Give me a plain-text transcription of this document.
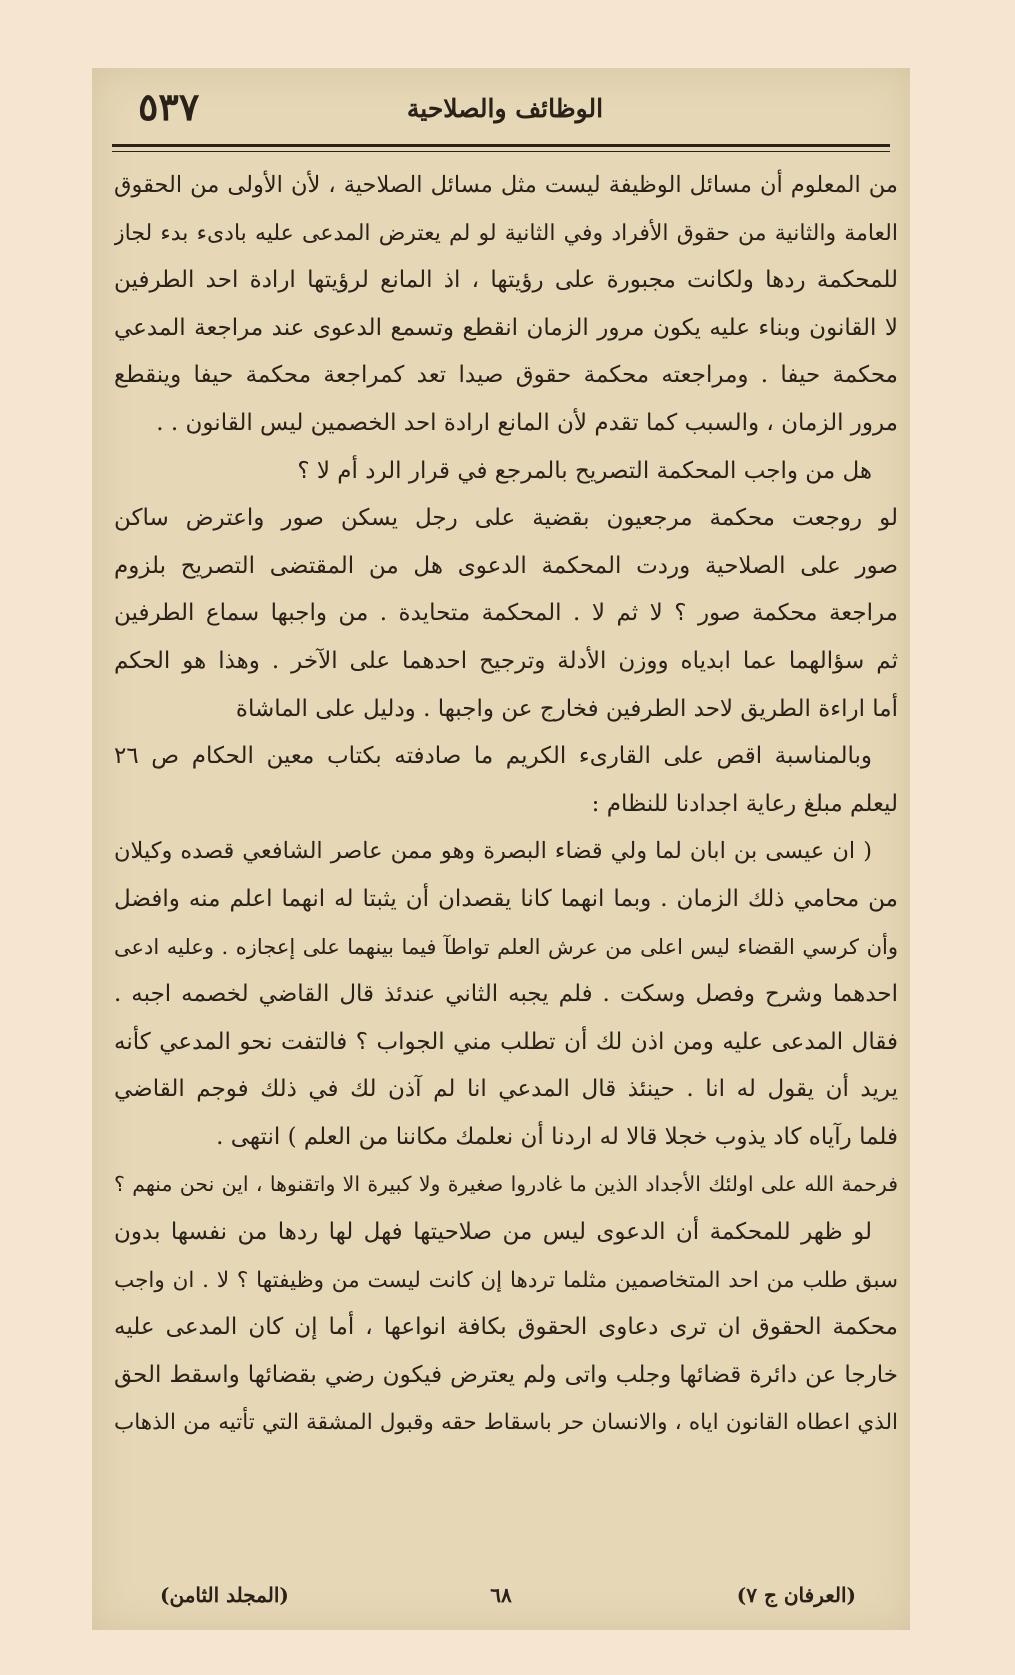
٥٣٧	الوظائف والصلاحية
من المعلوم أن مسائل الوظيفة ليست مثل مسائل الصلاحية ، لأن الأولى من الحقوق
العامة والثانية من حقوق الأفراد وفي الثانية لو لم يعترض المدعى عليه بادىء بدء لجاز
للمحكمة ردها ولكانت مجبورة على رؤيتها ، اذ المانع لرؤيتها ارادة احد الطرفين
لا القانون وبناء عليه يكون مرور الزمان انقطع وتسمع الدعوى عند مراجعة المدعي
محكمة حيفا . ومراجعته محكمة حقوق صيدا تعد كمراجعة محكمة حيفا وينقطع
مرور الزمان ، والسبب كما تقدم لأن المانع ارادة احد الخصمين ليس القانون . .
هل من واجب المحكمة التصريح بالمرجع في قرار الرد أم لا ؟
لو روجعت محكمة مرجعيون بقضية على رجل يسكن صور واعترض ساكن
صور على الصلاحية وردت المحكمة الدعوى هل من المقتضى التصريح بلزوم
مراجعة محكمة صور ؟ لا ثم لا . المحكمة متحايدة . من واجبها سماع الطرفين
ثم سؤالهما عما ابدياه ووزن الأدلة وترجيح احدهما على الآخر . وهذا هو الحكم
أما اراءة الطريق لاحد الطرفين فخارج عن واجبها . ودليل على الماشاة
وبالمناسبة اقص على القارىء الكريم ما صادفته بكتاب معين الحكام ص ٢٦
ليعلم مبلغ رعاية اجدادنا للنظام :
( ان عيسى بن ابان لما ولي قضاء البصرة وهو ممن عاصر الشافعي قصده وكيلان
من محامي ذلك الزمان . وبما انهما كانا يقصدان أن يثبتا له انهما اعلم منه وافضل
وأن كرسي القضاء ليس اعلى من عرش العلم تواطآ فيما بينهما على إعجازه . وعليه ادعى
احدهما وشرح وفصل وسكت . فلم يجبه الثاني عندئذ قال القاضي لخصمه اجبه .
فقال المدعى عليه ومن اذن لك أن تطلب مني الجواب ؟ فالتفت نحو المدعي كأنه
يريد أن يقول له انا . حينئذ قال المدعي انا لم آذن لك في ذلك فوجم القاضي
فلما رآياه كاد يذوب خجلا قالا له اردنا أن نعلمك مكاننا من العلم ) انتهى .
فرحمة الله على اولئك الأجداد الذين ما غادروا صغيرة ولا كبيرة الا واتقنوها ، اين نحن منهم ؟
لو ظهر للمحكمة أن الدعوى ليس من صلاحيتها فهل لها ردها من نفسها بدون
سبق طلب من احد المتخاصمين مثلما تردها إن كانت ليست من وظيفتها ؟ لا . ان واجب
محكمة الحقوق ان ترى دعاوى الحقوق بكافة انواعها ، أما إن كان المدعى عليه
خارجا عن دائرة قضائها وجلب واتى ولم يعترض فيكون رضي بقضائها واسقط الحق
الذي اعطاه القانون اياه ، والانسان حر باسقاط حقه وقبول المشقة التي تأتيه من الذهاب
(المجلد الثامن)	٦٨	(العرفان ج ٧)
